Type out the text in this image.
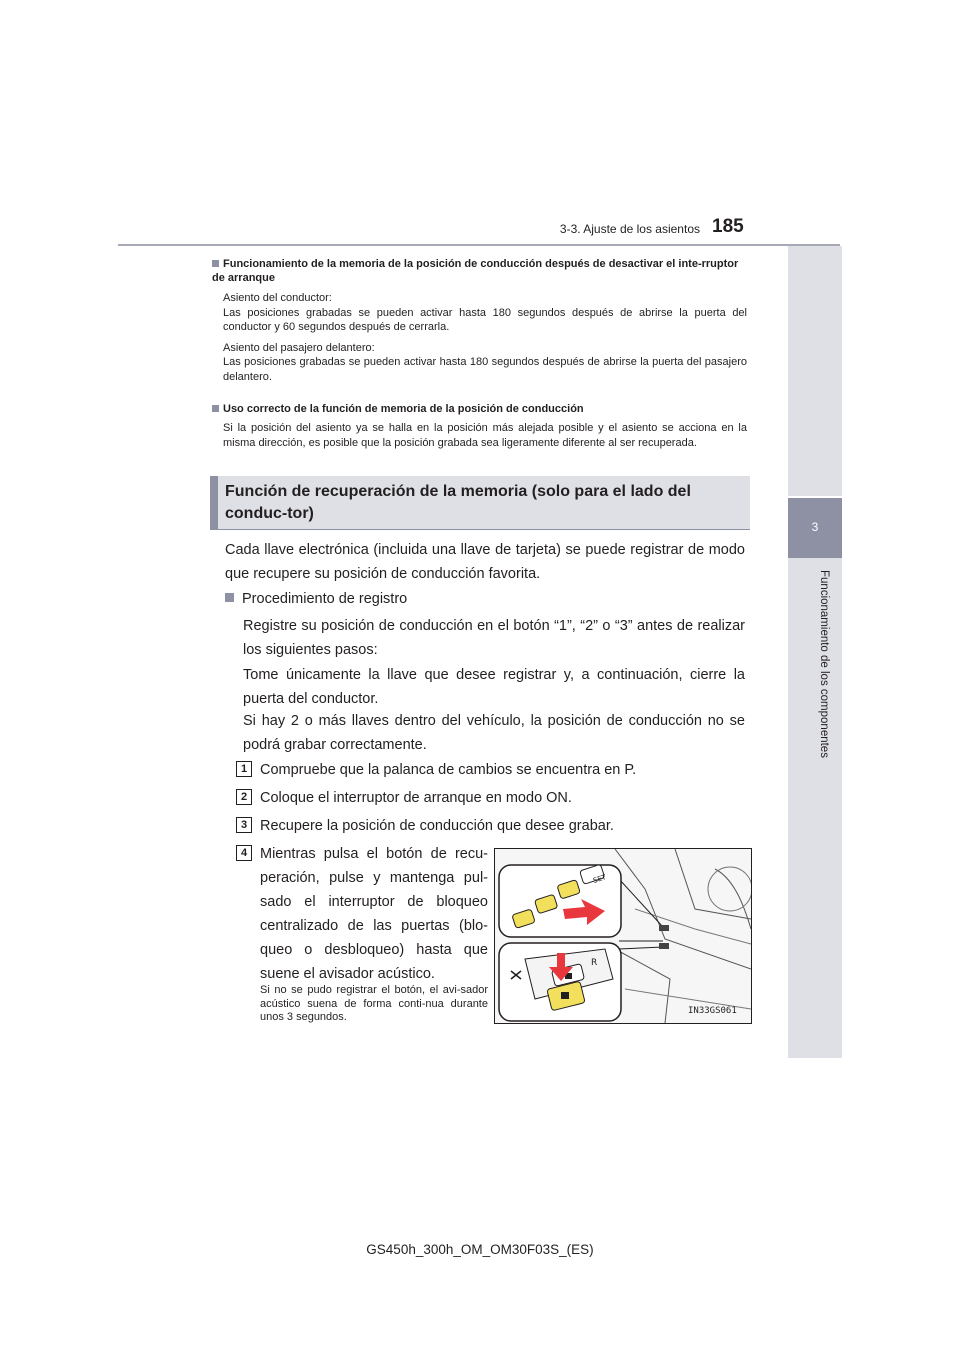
3-3. Ajuste de los asientos 185
3
Funcionamiento de los componentes
Funcionamiento de la memoria de la posición de conducción después de desactivar el inte-rruptor de arranque
Asiento del conductor:
Las posiciones grabadas se pueden activar hasta 180 segundos después de abrirse la puerta del conductor y 60 segundos después de cerrarla.
Asiento del pasajero delantero:
Las posiciones grabadas se pueden activar hasta 180 segundos después de abrirse la puerta del pasajero delantero.
Uso correcto de la función de memoria de la posición de conducción
Si la posición del asiento ya se halla en la posición más alejada posible y el asiento se acciona en la misma dirección, es posible que la posición grabada sea ligeramente diferente al ser recuperada.
Función de recuperación de la memoria (solo para el lado del conduc-tor)
Cada llave electrónica (incluida una llave de tarjeta) se puede registrar de modo que recupere su posición de conducción favorita.
Procedimiento de registro
Registre su posición de conducción en el botón “1”, “2” o “3” antes de realizar los siguientes pasos:
Tome únicamente la llave que desee registrar y, a continuación, cierre la puerta del conductor.
Si hay 2 o más llaves dentro del vehículo, la posición de conducción no se podrá grabar correctamente.
1 Compruebe que la palanca de cambios se encuentra en P.
2 Coloque el interruptor de arranque en modo ON.
3 Recupere la posición de conducción que desee grabar.
4 Mientras pulsa el botón de recu-peración, pulse y mantenga pul-sado el interruptor de bloqueo centralizado de las puertas (blo-queo o desbloqueo) hasta que suene el avisador acústico.
Si no se pudo registrar el botón, el avi-sador acústico suena de forma conti-nua durante unos 3 segundos.
SET
R
IN33GS061
GS450h_300h_OM_OM30F03S_(ES)
